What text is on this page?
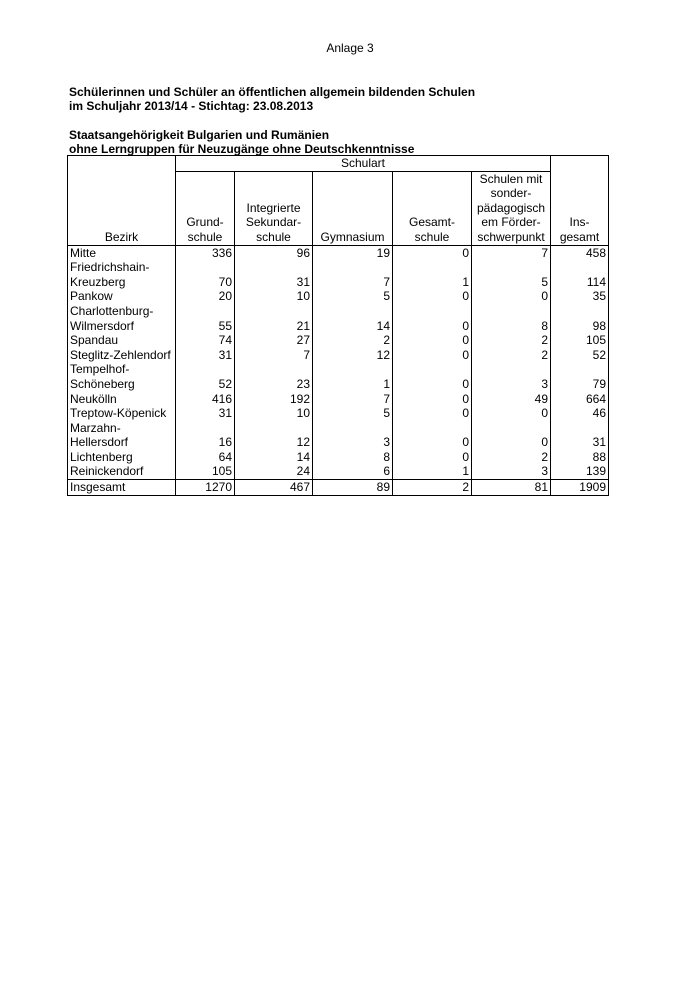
Anlage 3
Schülerinnen und Schüler an öffentlichen allgemein bildenden Schulen
im Schuljahr 2013/14 - Stichtag: 23.08.2013
Staatsangehörigkeit Bulgarien und Rumänien
ohne Lerngruppen für Neuzugänge ohne Deutschkenntnisse
	Schulart					
					Schulen mit	
					sonder-	
		Integrierte			pädagogisch	
	Grund-	Sekundar-		Gesamt-	em Förder-	Ins-
Bezirk	schule	schule	Gymnasium	schule	schwerpunkt	gesamt
Mitte	336	96	19	0	7	458
Friedrichshain-						
Kreuzberg	70	31	7	1	5	114
Pankow	20	10	5	0	0	35
Charlottenburg-						
Wilmersdorf	55	21	14	0	8	98
Spandau	74	27	2	0	2	105
Steglitz-Zehlendorf	31	7	12	0	2	52
Tempelhof-						
Schöneberg	52	23	1	0	3	79
Neukölln	416	192	7	0	49	664
Treptow-Köpenick	31	10	5	0	0	46
Marzahn-						
Hellersdorf	16	12	3	0	0	31
Lichtenberg	64	14	8	0	2	88
Reinickendorf	105	24	6	1	3	139
Insgesamt	1270	467	89	2	81	1909
